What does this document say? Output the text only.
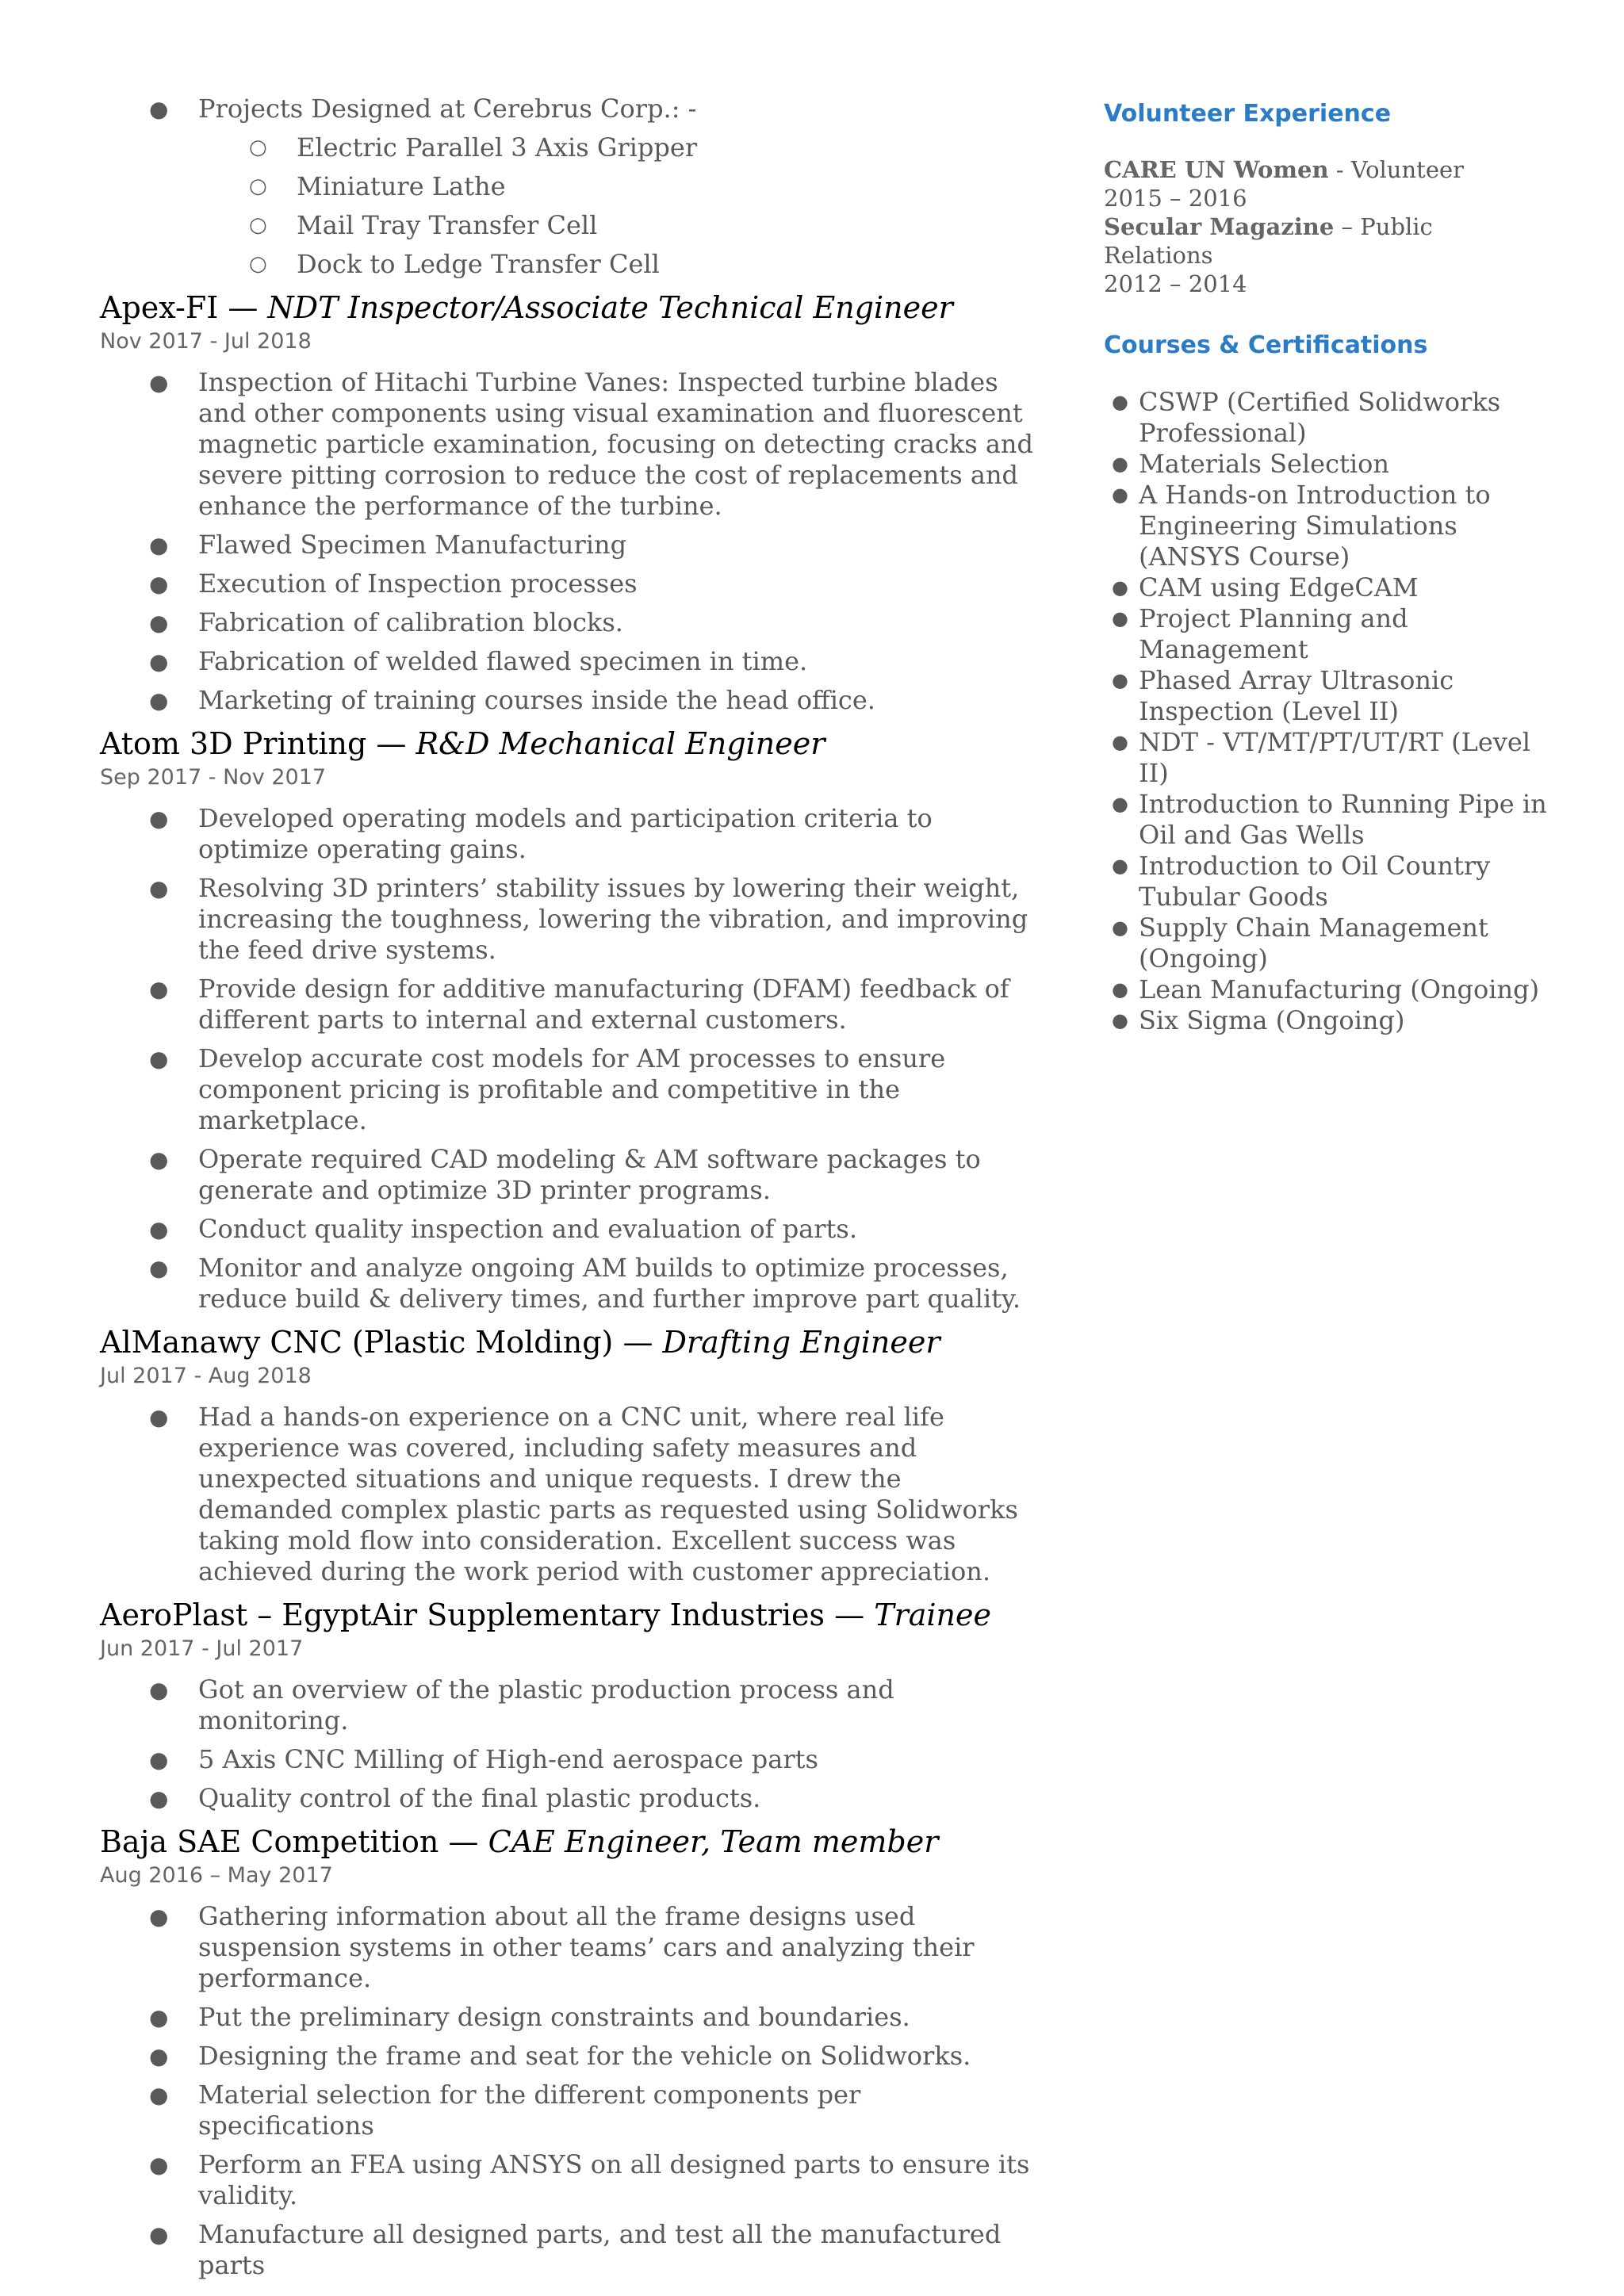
● Projects Designed at Cerebrus Corp.: -
○ Electric Parallel 3 Axis Gripper
○ Miniature Lathe
○ Mail Tray Transfer Cell
○ Dock to Ledge Transfer Cell
Apex-FI — NDT Inspector/Associate Technical Engineer
Nov 2017 - Jul 2018
● Inspection of Hitachi Turbine Vanes: Inspected turbine blades and other components using visual examination and fluorescent magnetic particle examination, focusing on detecting cracks and severe pitting corrosion to reduce the cost of replacements and enhance the performance of the turbine.
● Flawed Specimen Manufacturing
● Execution of Inspection processes
● Fabrication of calibration blocks.
● Fabrication of welded flawed specimen in time.
● Marketing of training courses inside the head office.
Atom 3D Printing — R&D Mechanical Engineer
Sep 2017 - Nov 2017
● Developed operating models and participation criteria to optimize operating gains.
● Resolving 3D printers’ stability issues by lowering their weight, increasing the toughness, lowering the vibration, and improving the feed drive systems.
● Provide design for additive manufacturing (DFAM) feedback of different parts to internal and external customers.
● Develop accurate cost models for AM processes to ensure component pricing is profitable and competitive in the marketplace.
● Operate required CAD modeling & AM software packages to generate and optimize 3D printer programs.
● Conduct quality inspection and evaluation of parts.
● Monitor and analyze ongoing AM builds to optimize processes, reduce build & delivery times, and further improve part quality.
AlManawy CNC (Plastic Molding) — Drafting Engineer
Jul 2017 - Aug 2018
● Had a hands-on experience on a CNC unit, where real life experience was covered, including safety measures and unexpected situations and unique requests. I drew the demanded complex plastic parts as requested using Solidworks taking mold flow into consideration. Excellent success was achieved during the work period with customer appreciation.
AeroPlast – EgyptAir Supplementary Industries — Trainee
Jun 2017 - Jul 2017
● Got an overview of the plastic production process and monitoring.
● 5 Axis CNC Milling of High-end aerospace parts
● Quality control of the final plastic products.
Baja SAE Competition — CAE Engineer, Team member
Aug 2016 – May 2017
● Gathering information about all the frame designs used suspension systems in other teams’ cars and analyzing their performance.
● Put the preliminary design constraints and boundaries.
● Designing the frame and seat for the vehicle on Solidworks.
● Material selection for the different components per specifications
● Perform an FEA using ANSYS on all designed parts to ensure its validity.
● Manufacture all designed parts, and test all the manufactured parts
Volunteer Experience
CARE UN Women - Volunteer
2015 – 2016
Secular Magazine – Public Relations
2012 – 2014
Courses & Certifications
● CSWP (Certified Solidworks Professional)
● Materials Selection
● A Hands-on Introduction to Engineering Simulations (ANSYS Course)
● CAM using EdgeCAM
● Project Planning and Management
● Phased Array Ultrasonic Inspection (Level II)
● NDT - VT/MT/PT/UT/RT (Level II)
● Introduction to Running Pipe in Oil and Gas Wells
● Introduction to Oil Country Tubular Goods
● Supply Chain Management (Ongoing)
● Lean Manufacturing (Ongoing)
● Six Sigma (Ongoing)
